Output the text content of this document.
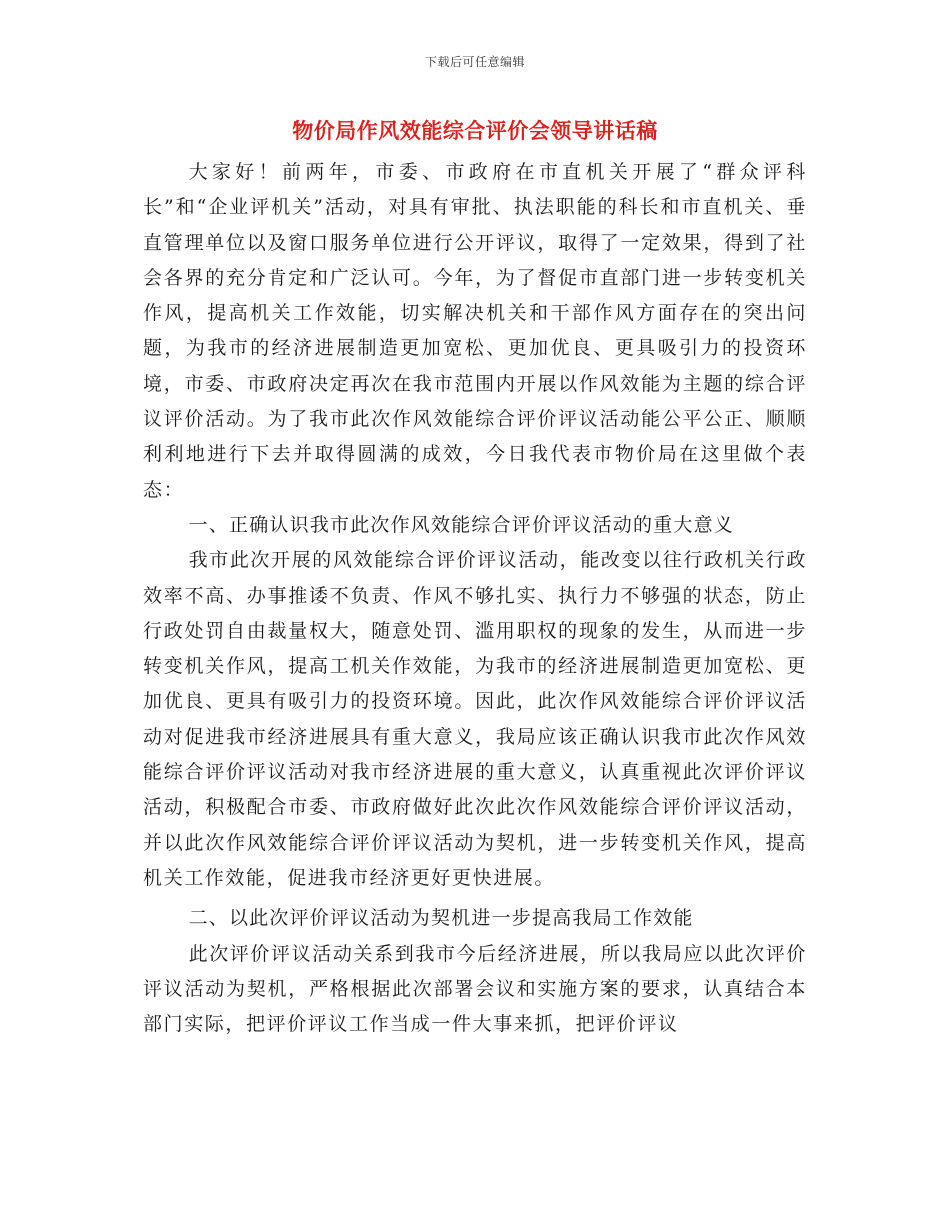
下载后可任意编辑
物价局作风效能综合评价会领导讲话稿

大家好！前两年，市委、市政府在市直机关开展了“群众评科长”和“企业评机关”活动，对具有审批、执法职能的科长和市直机关、垂直管理单位以及窗口服务单位进行公开评议，取得了一定效果，得到了社会各界的充分肯定和广泛认可。今年，为了督促市直部门进一步转变机关作风，提高机关工作效能，切实解决机关和干部作风方面存在的突出问题，为我市的经济进展制造更加宽松、更加优良、更具吸引力的投资环境，市委、市政府决定再次在我市范围内开展以作风效能为主题的综合评议评价活动。为了我市此次作风效能综合评价评议活动能公平公正、顺顺利利地进行下去并取得圆满的成效，今日我代表市物价局在这里做个表态：

一、正确认识我市此次作风效能综合评价评议活动的重大意义

我市此次开展的风效能综合评价评议活动，能改变以往行政机关行政效率不高、办事推诿不负责、作风不够扎实、执行力不够强的状态，防止行政处罚自由裁量权大，随意处罚、滥用职权的现象的发生，从而进一步转变机关作风，提高工机关作效能，为我市的经济进展制造更加宽松、更加优良、更具有吸引力的投资环境。因此，此次作风效能综合评价评议活动对促进我市经济进展具有重大意义，我局应该正确认识我市此次作风效能综合评价评议活动对我市经济进展的重大意义，认真重视此次评价评议活动，积极配合市委、市政府做好此次此次作风效能综合评价评议活动，并以此次作风效能综合评价评议活动为契机，进一步转变机关作风，提高机关工作效能，促进我市经济更好更快进展。

二、以此次评价评议活动为契机进一步提高我局工作效能

此次评价评议活动关系到我市今后经济进展，所以我局应以此次评价评议活动为契机，严格根据此次部署会议和实施方案的要求，认真结合本部门实际，把评价评议工作当成一件大事来抓，把评价评议
